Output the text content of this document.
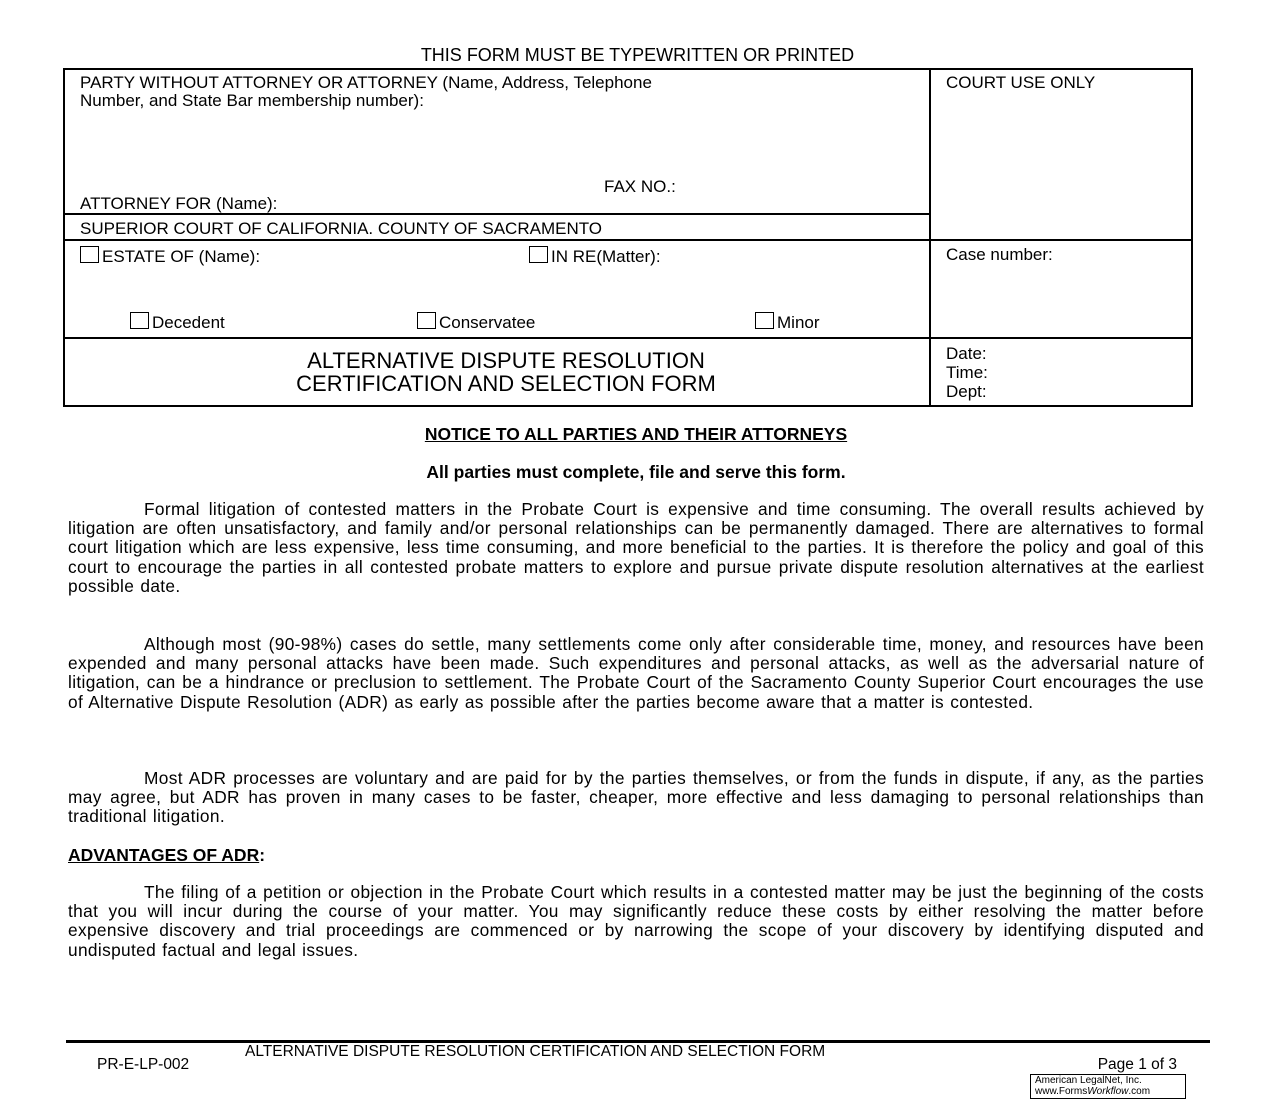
THIS FORM MUST BE TYPEWRITTEN OR PRINTED
PARTY WITHOUT ATTORNEY OR ATTORNEY (Name, Address, Telephone
Number, and State Bar membership number):
FAX NO.:
ATTORNEY FOR (Name):
SUPERIOR COURT OF CALIFORNIA. COUNTY OF SACRAMENTO
COURT USE ONLY
ESTATE OF (Name):	IN RE(Matter):
Decedent	Conservatee	Minor
Case number:
ALTERNATIVE DISPUTE RESOLUTION
CERTIFICATION AND SELECTION FORM
Date:
Time:
Dept:
NOTICE TO ALL PARTIES AND THEIR ATTORNEYS
All parties must complete, file and serve this form.
Formal litigation of contested matters in the Probate Court is expensive and time consuming. The overall results achieved by litigation are often unsatisfactory, and family and/or personal relationships can be permanently damaged. There are alternatives to formal court litigation which are less expensive, less time consuming, and more beneficial to the parties. It is therefore the policy and goal of this court to encourage the parties in all contested probate matters to explore and pursue private dispute resolution alternatives at the earliest possible date.
Although most (90-98%) cases do settle, many settlements come only after considerable time, money, and resources have been expended and many personal attacks have been made. Such expenditures and personal attacks, as well as the adversarial nature of litigation, can be a hindrance or preclusion to settlement. The Probate Court of the Sacramento County Superior Court encourages the use of Alternative Dispute Resolution (ADR) as early as possible after the parties become aware that a matter is contested.
Most ADR processes are voluntary and are paid for by the parties themselves, or from the funds in dispute, if any, as the parties may agree, but ADR has proven in many cases to be faster, cheaper, more effective and less damaging to personal relationships than traditional litigation.
ADVANTAGES OF ADR:
The filing of a petition or objection in the Probate Court which results in a contested matter may be just the beginning of the costs that you will incur during the course of your matter. You may significantly reduce these costs by either resolving the matter before expensive discovery and trial proceedings are commenced or by narrowing the scope of your discovery by identifying disputed and undisputed factual and legal issues.
ALTERNATIVE DISPUTE RESOLUTION CERTIFICATION AND SELECTION FORM
PR-E-LP-002	Page 1 of 3
American LegalNet, Inc.
www.FormsWorkflow.com
